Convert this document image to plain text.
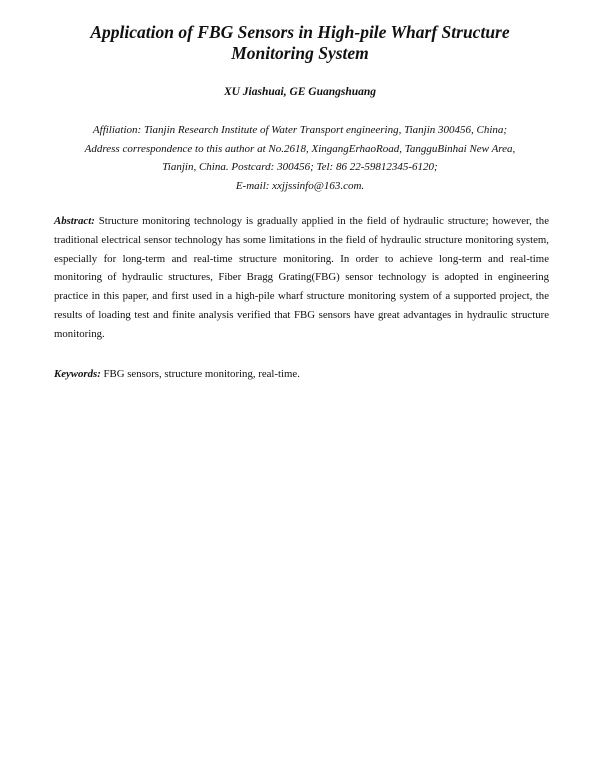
Application of FBG Sensors in High-pile Wharf Structure Monitoring System

XU Jiashuai, GE Guangshuang

Affiliation: Tianjin Research Institute of Water Transport engineering, Tianjin 300456, China;
Address correspondence to this author at No.2618, XingangErhaoRoad, TangguBinhai New Area,
Tianjin, China. Postcard: 300456; Tel: 86 22-59812345-6120;
E-mail: xxjjssinfo@163.com.

Abstract: Structure monitoring technology is gradually applied in the field of hydraulic structure; however, the traditional electrical sensor technology has some limitations in the field of hydraulic structure monitoring system, especially for long-term and real-time structure monitoring. In order to achieve long-term and real-time monitoring of hydraulic structures, Fiber Bragg Grating(FBG) sensor technology is adopted in engineering practice in this paper, and first used in a high-pile wharf structure monitoring system of a supported project, the results of loading test and finite analysis verified that FBG sensors have great advantages in hydraulic structure monitoring.

Keywords: FBG sensors, structure monitoring, real-time.
